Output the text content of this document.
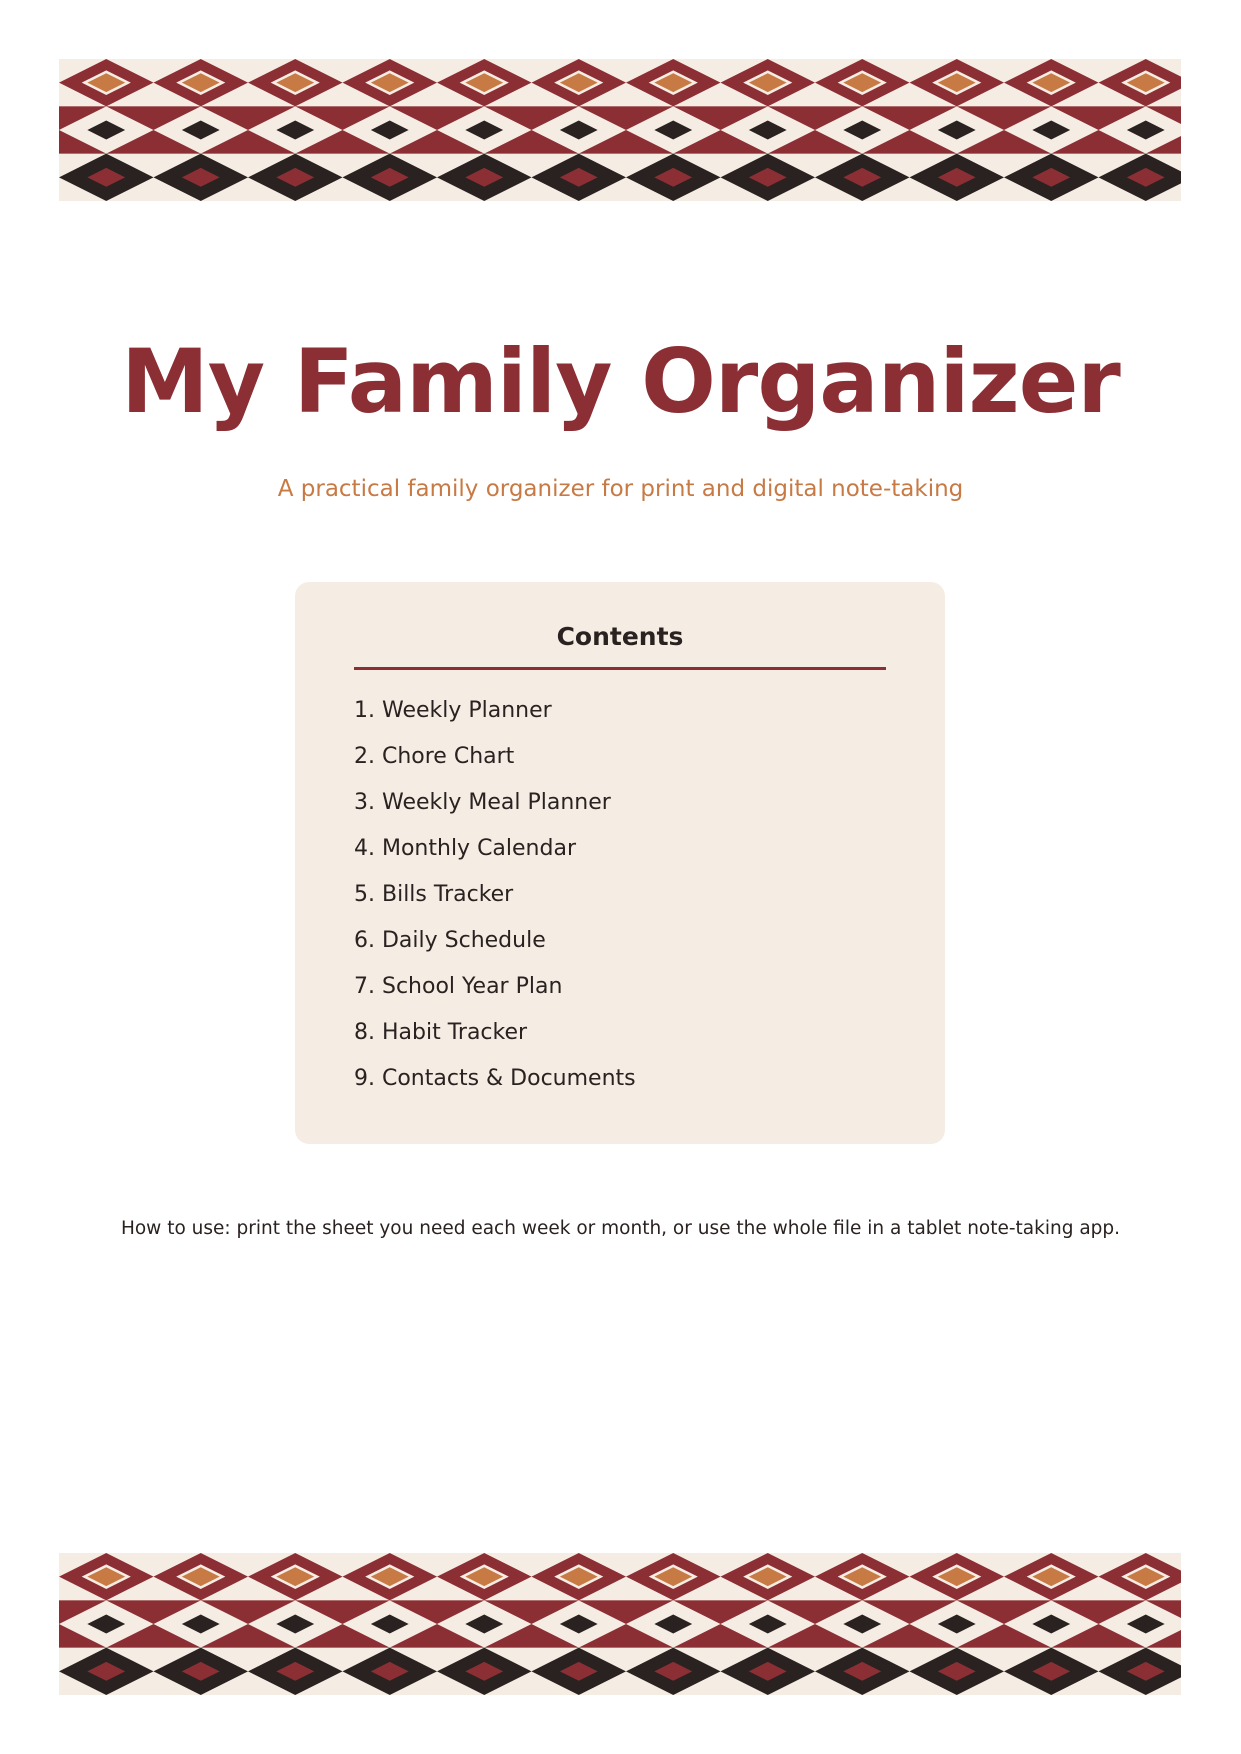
My Family Organizer

A practical family organizer for print and digital note-taking

Contents
1. Weekly Planner
2. Chore Chart
3. Weekly Meal Planner
4. Monthly Calendar
5. Bills Tracker
6. Daily Schedule
7. School Year Plan
8. Habit Tracker
9. Contacts & Documents

How to use: print the sheet you need each week or month, or use the whole file in a tablet note-taking app.
